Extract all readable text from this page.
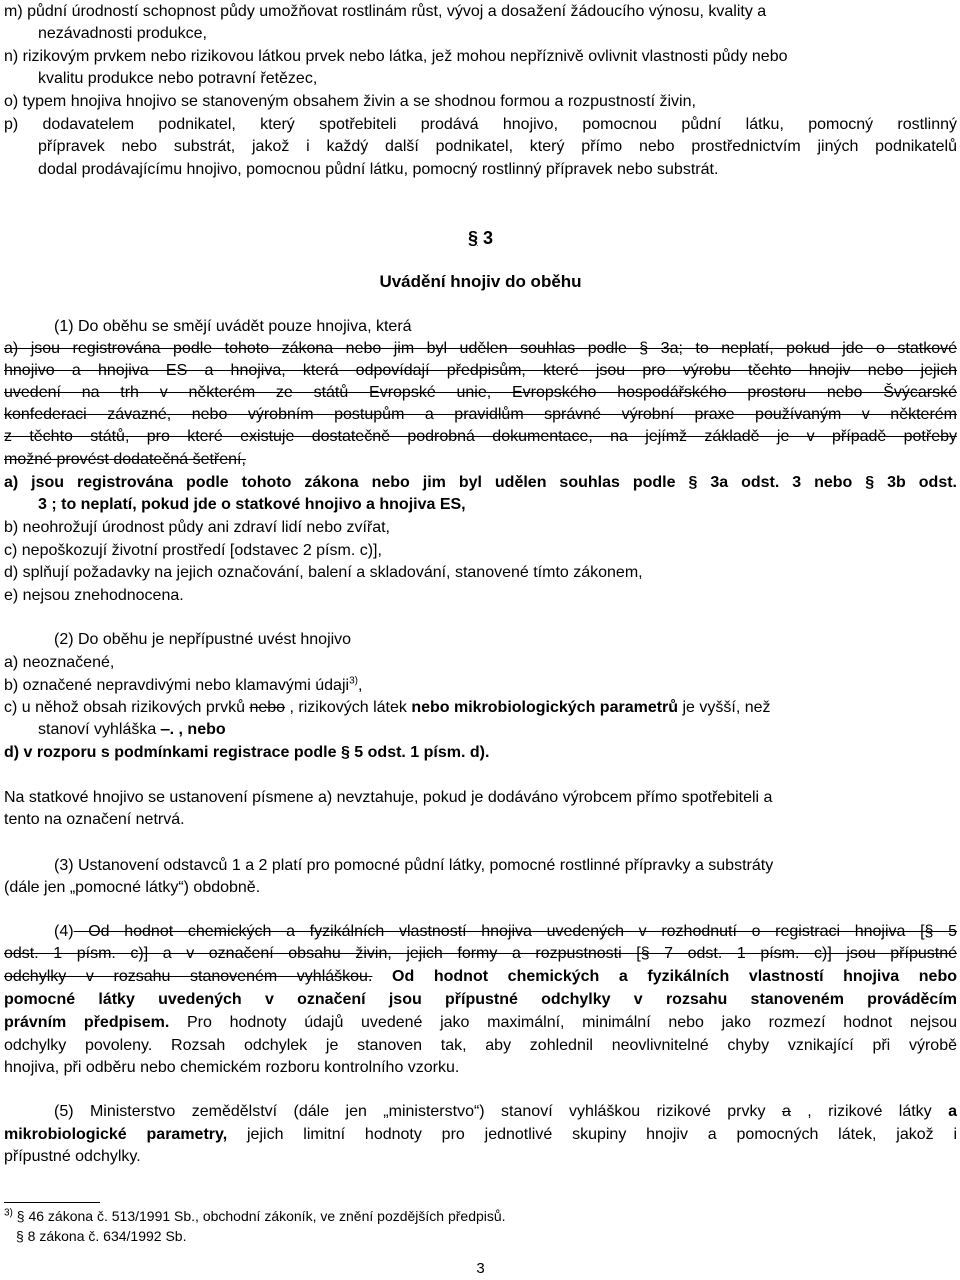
m) půdní úrodností schopnost půdy umožňovat rostlinám růst, vývoj a dosažení žádoucího výnosu, kvality a
nezávadnosti produkce,
n) rizikovým prvkem nebo rizikovou látkou prvek nebo látka, jež mohou nepříznivě ovlivnit vlastnosti půdy nebo
kvalitu produkce nebo potravní řetězec,
o) typem hnojiva hnojivo se stanoveným obsahem živin a se shodnou formou a rozpustností živin,
p) dodavatelem podnikatel, který spotřebiteli prodává hnojivo, pomocnou půdní látku, pomocný rostlinný
přípravek nebo substrát, jakož i každý další podnikatel, který přímo nebo prostřednictvím jiných podnikatelů
dodal prodávajícímu hnojivo, pomocnou půdní látku, pomocný rostlinný přípravek nebo substrát.
§ 3
Uvádění hnojiv do oběhu
(1) Do oběhu se smějí uvádět pouze hnojiva, která
a) jsou registrována podle tohoto zákona nebo jim byl udělen souhlas podle § 3a; to neplatí, pokud jde o statkové
hnojivo a hnojiva ES a hnojiva, která odpovídají předpisům, které jsou pro výrobu těchto hnojiv nebo jejich
uvedení na trh v některém ze států Evropské unie, Evropského hospodářského prostoru nebo Švýcarské
konfederaci závazné, nebo výrobním postupům a pravidlům správné výrobní praxe používaným v některém
z těchto států, pro které existuje dostatečně podrobná dokumentace, na jejímž základě je v případě potřeby
možné provést dodatečná šetření,
a) jsou registrována podle tohoto zákona nebo jim byl udělen souhlas podle § 3a odst. 3 nebo § 3b odst.
3 ; to neplatí, pokud jde o statkové hnojivo a hnojiva ES,
b) neohrožují úrodnost půdy ani zdraví lidí nebo zvířat,
c) nepoškozují životní prostředí [odstavec 2 písm. c)],
d) splňují požadavky na jejich označování, balení a skladování, stanovené tímto zákonem,
e) nejsou znehodnocena.
(2) Do oběhu je nepřípustné uvést hnojivo
a) neoznačené,
b) označené nepravdivými nebo klamavými údaji$^{3)}$,
c) u něhož obsah rizikových prvků nebo , rizikových látek nebo mikrobiologických parametrů je vyšší, než
stanoví vyhláška –. , nebo
d) v rozporu s podmínkami registrace podle § 5 odst. 1 písm. d).
Na statkové hnojivo se ustanovení písmene a) nevztahuje, pokud je dodáváno výrobcem přímo spotřebiteli a
tento na označení netrvá.
(3) Ustanovení odstavců 1 a 2 platí pro pomocné půdní látky, pomocné rostlinné přípravky a substráty
(dále jen „pomocné látky“) obdobně.
(4) Od hodnot chemických a fyzikálních vlastností hnojiva uvedených v rozhodnutí o registraci hnojiva [§ 5
odst. 1 písm. c)] a v označení obsahu živin, jejich formy a rozpustnosti [§ 7 odst. 1 písm. c)] jsou přípustné
odchylky v rozsahu stanoveném vyhláškou. Od hodnot chemických a fyzikálních vlastností hnojiva nebo
pomocné látky uvedených v označení jsou přípustné odchylky v rozsahu stanoveném prováděcím
právním předpisem. Pro hodnoty údajů uvedené jako maximální, minimální nebo jako rozmezí hodnot nejsou
odchylky povoleny. Rozsah odchylek je stanoven tak, aby zohlednil neovlivnitelné chyby vznikající při výrobě
hnojiva, při odběru nebo chemickém rozboru kontrolního vzorku.
(5) Ministerstvo zemědělství (dále jen „ministerstvo“) stanoví vyhláškou rizikové prvky a , rizikové látky a
mikrobiologické parametry, jejich limitní hodnoty pro jednotlivé skupiny hnojiv a pomocných látek, jakož i
přípustné odchylky.
$^{3)}$ § 46 zákona č. 513/1991 Sb., obchodní zákoník, ve znění pozdějších předpisů.
§ 8 zákona č. 634/1992 Sb.
3
